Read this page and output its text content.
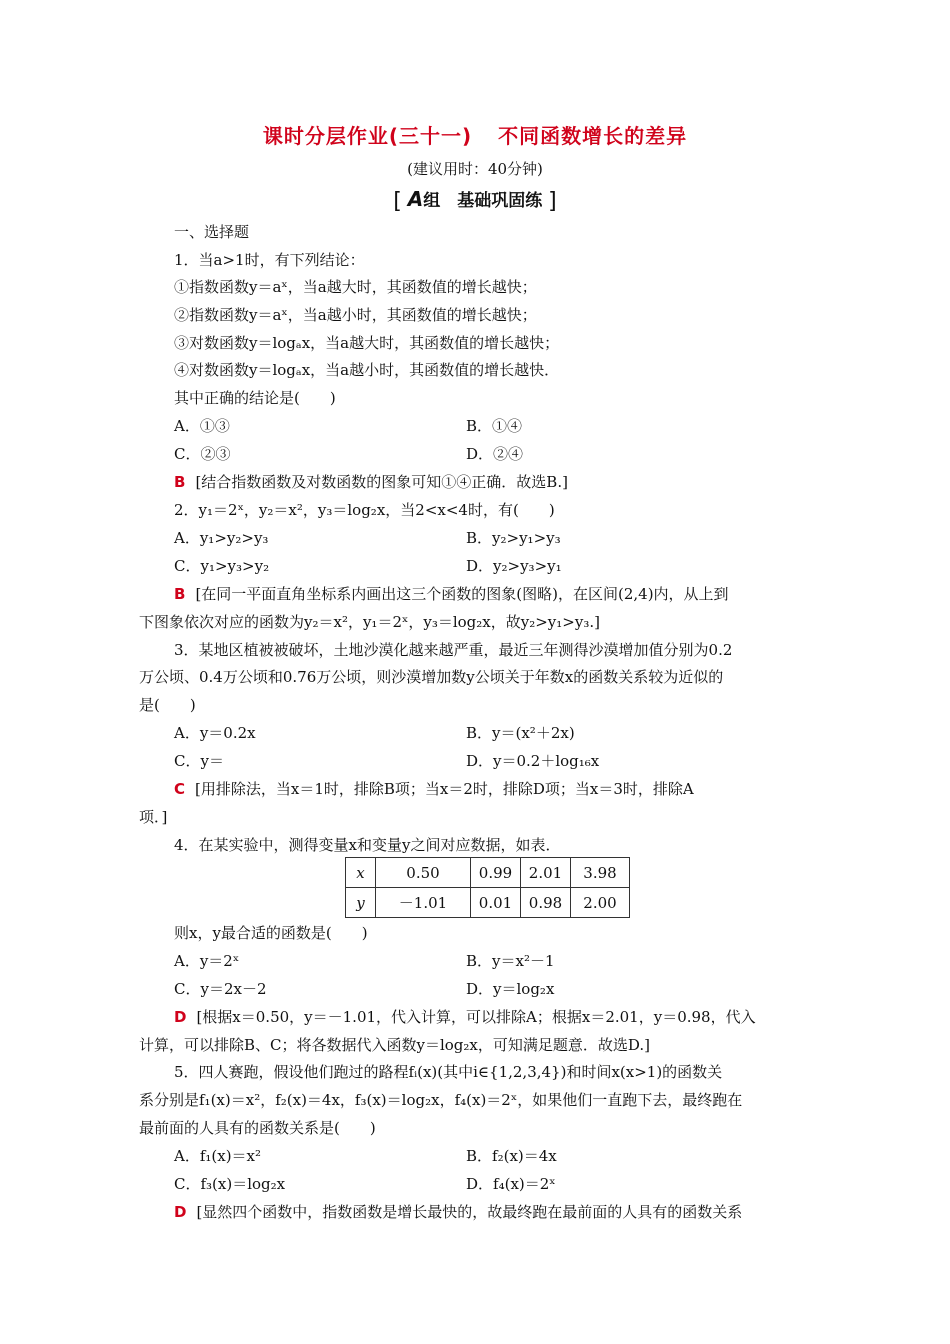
课时分层作业(三十一) 不同函数增长的差异
(建议用时：40分钟)
[ A组　基础巩固练 ]
一、选择题
1．当a>1时，有下列结论：
①指数函数y＝aˣ，当a越大时，其函数值的增长越快；
②指数函数y＝aˣ，当a越小时，其函数值的增长越快；
③对数函数y＝logₐx，当a越大时，其函数值的增长越快；
④对数函数y＝logₐx，当a越小时，其函数值的增长越快．
其中正确的结论是(　　)
A．①③	B．①④
C．②③	D．②④
B [结合指数函数及对数函数的图象可知①④正确．故选B.]
2．y₁＝2ˣ，y₂＝x²，y₃＝log₂x，当2<x<4时，有(　　)
A．y₁>y₂>y₃	B．y₂>y₁>y₃
C．y₁>y₃>y₂	D．y₂>y₃>y₁
B [在同一平面直角坐标系内画出这三个函数的图象(图略)，在区间(2,4)内，从上到
下图象依次对应的函数为y₂＝x²，y₁＝2ˣ，y₃＝log₂x，故y₂>y₁>y₃.]
3．某地区植被被破坏，土地沙漠化越来越严重，最近三年测得沙漠增加值分别为0.2
万公顷、0.4万公顷和0.76万公顷，则沙漠增加数y公顷关于年数x的函数关系较为近似的
是(　　)
A．y＝0.2x	B．y＝(x²＋2x)
C．y＝	D．y＝0.2＋log₁₆x
C [用排除法，当x＝1时，排除B项；当x＝2时，排除D项；当x＝3时，排除A
项．]
4．在某实验中，测得变量x和变量y之间对应数据，如表．
x	0.50	0.99	2.01	3.98
y	－1.01	0.01	0.98	2.00
则x，y最合适的函数是(　　)
A．y＝2ˣ	B．y＝x²－1
C．y＝2x－2	D．y＝log₂x
D [根据x＝0.50，y＝－1.01，代入计算，可以排除A；根据x＝2.01，y＝0.98，代入
计算，可以排除B、C；将各数据代入函数y＝log₂x，可知满足题意．故选D.]
5．四人赛跑，假设他们跑过的路程fᵢ(x)(其中i∈{1,2,3,4})和时间x(x>1)的函数关
系分别是f₁(x)＝x²，f₂(x)＝4x，f₃(x)＝log₂x，f₄(x)＝2ˣ，如果他们一直跑下去，最终跑在
最前面的人具有的函数关系是(　　)
A．f₁(x)＝x²	B．f₂(x)＝4x
C．f₃(x)＝log₂x	D．f₄(x)＝2ˣ
D [显然四个函数中，指数函数是增长最快的，故最终跑在最前面的人具有的函数关系
